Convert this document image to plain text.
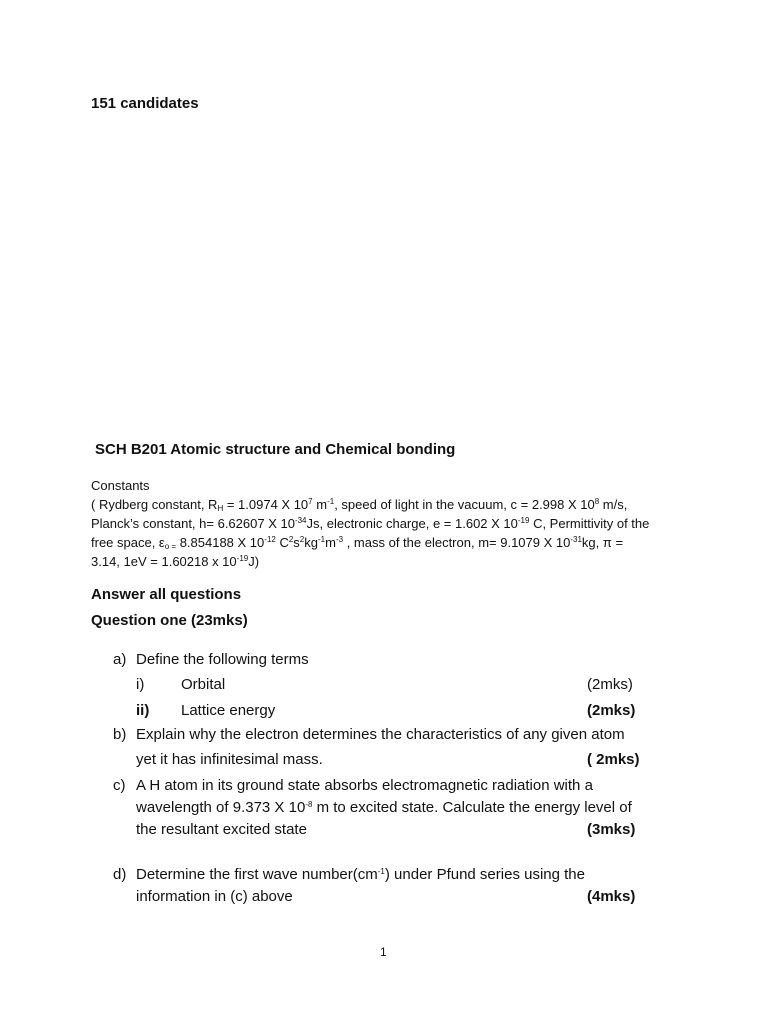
151 candidates
SCH B201 Atomic structure and Chemical bonding
Constants
( Rydberg constant, $R_H = 1.0974$ X $10^7$ $m^{-1}$, speed of light in the vacuum, c = 2.998 X $10^8$ m/s,
Planck’s constant, h= 6.62607 X $10^{-34}Js$, electronic charge, e = 1.602 X $10^{-19}$ C, Permittivity of the
free space, $\varepsilon_{o =}$ 8.854188 X $10^{-12}$ $C^2s^2kg^{-1}m^{-3}$ , mass of the electron, m= 9.1079 X $10^{-31}kg$, π =
3.14, 1eV = 1.60218 x $10^{-19}J$)
Answer all questions
Question one (23mks)
a) Define the following terms
i) Orbital	(2mks)
ii) Lattice energy	(2mks)
b) Explain why the electron determines the characteristics of any given atom
yet it has infinitesimal mass.	( 2mks)
c) A H atom in its ground state absorbs electromagnetic radiation with a
wavelength of 9.373 X $10^{-8}$ m to excited state. Calculate the energy level of
the resultant excited state	(3mks)
d) Determine the first wave $number(cm^{-1})$ under Pfund series using the
information in (c) above	(4mks)
1
